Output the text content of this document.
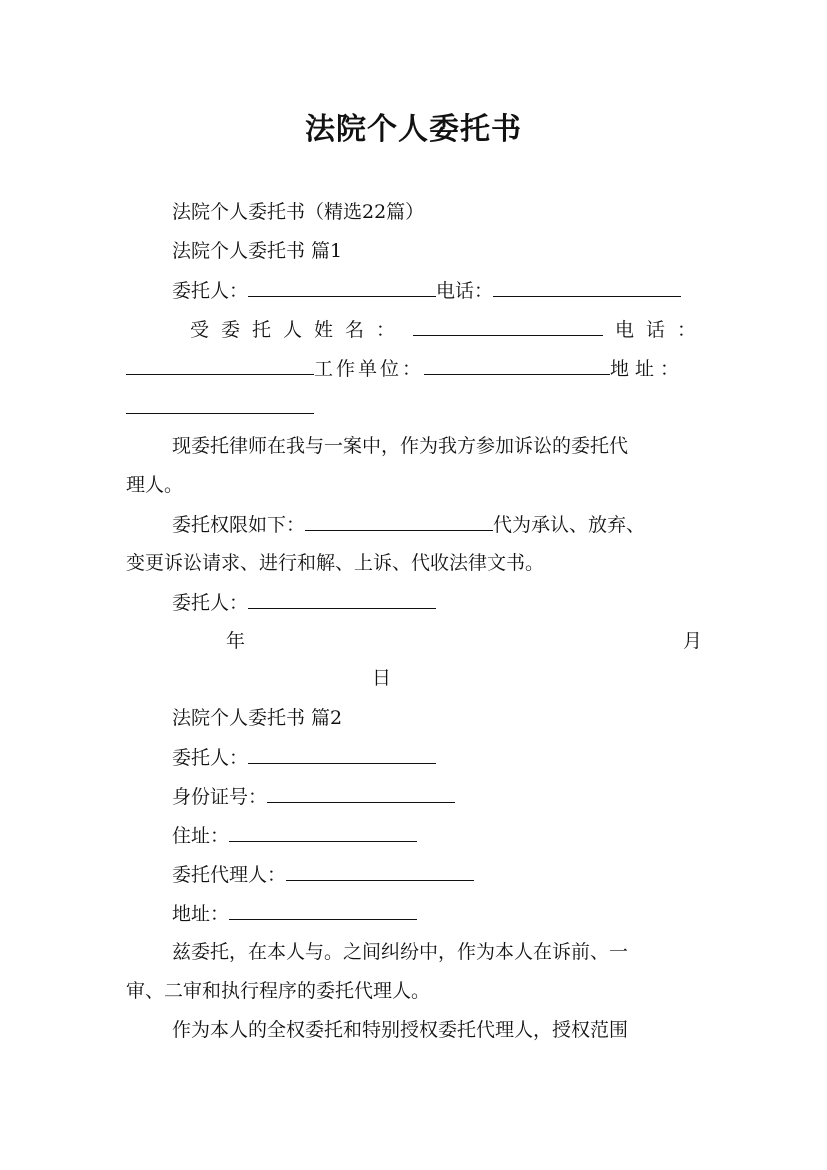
法院个人委托书
法院个人委托书（精选22篇）
法院个人委托书 篇1
委托人：	电话：
受委托人姓名：	电话：
工作单位：	地址：
现委托律师在我与一案中，作为我方参加诉讼的委托代
理人。
委托权限如下：	代为承认、放弃、
变更诉讼请求、进行和解、上诉、代收法律文书。
委托人：
年	月
日
法院个人委托书 篇2
委托人：
身份证号：
住址：
委托代理人：
地址：
兹委托，在本人与。之间纠纷中，作为本人在诉前、一
审、二审和执行程序的委托代理人。
作为本人的全权委托和特别授权委托代理人，授权范围
